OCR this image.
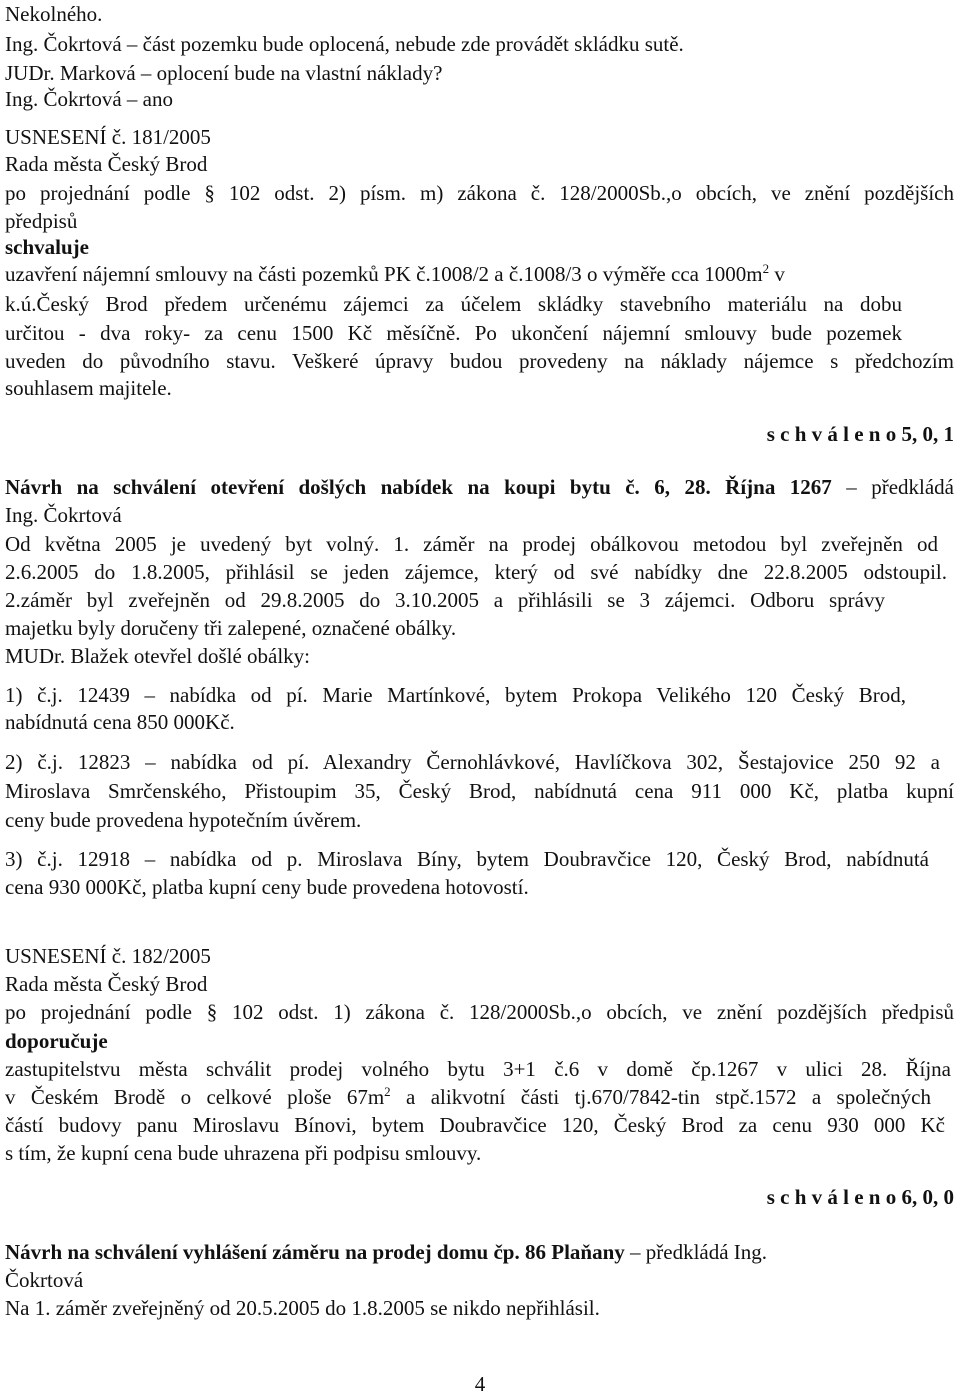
Nekolného.
Ing. Čokrtová – část pozemku bude oplocená, nebude zde provádět skládku sutě.
JUDr. Marková – oplocení bude na vlastní náklady?
Ing. Čokrtová – ano
USNESENÍ č. 181/2005
Rada města Český Brod
po projednání podle § 102 odst. 2) písm. m) zákona č. 128/2000Sb.,o obcích, ve znění pozdějších
předpisů
schvaluje
uzavření nájemní smlouvy na části pozemků PK č.1008/2 a č.1008/3 o výměře cca $1000m^2$ v
k.ú.Český Brod předem určenému zájemci za účelem skládky stavebního materiálu na dobu
určitou - dva roky- za cenu 1500 Kč měsíčně. Po ukončení nájemní smlouvy bude pozemek
uveden do původního stavu. Veškeré úpravy budou provedeny na náklady nájemce s předchozím
souhlasem majitele.
s c h v á l e n o 5, 0, 1
Návrh na schválení otevření došlých nabídek na koupi bytu č. 6, 28. Října 1267 – předkládá
Ing. Čokrtová
Od května 2005 je uvedený byt volný. 1. záměr na prodej obálkovou metodou byl zveřejněn od
2.6.2005 do 1.8.2005, přihlásil se jeden zájemce, který od své nabídky dne 22.8.2005 odstoupil.
2.záměr byl zveřejněn od 29.8.2005 do 3.10.2005 a přihlásili se 3 zájemci. Odboru správy
majetku byly doručeny tři zalepené, označené obálky.
MUDr. Blažek otevřel došlé obálky:
1) č.j. 12439 – nabídka od pí. Marie Martínkové, bytem Prokopa Velikého 120 Český Brod,
nabídnutá cena 850 000Kč.
2) č.j. 12823 – nabídka od pí. Alexandry Černohlávkové, Havlíčkova 302, Šestajovice 250 92 a
Miroslava Smrčenského, Přistoupim 35, Český Brod, nabídnutá cena 911 000 Kč, platba kupní
ceny bude provedena hypotečním úvěrem.
3) č.j. 12918 – nabídka od p. Miroslava Bíny, bytem Doubravčice 120, Český Brod, nabídnutá
cena 930 000Kč, platba kupní ceny bude provedena hotovostí.
USNESENÍ č. 182/2005
Rada města Český Brod
po projednání podle § 102 odst. 1) zákona č. 128/2000Sb.,o obcích, ve znění pozdějších předpisů
doporučuje
zastupitelstvu města schválit prodej volného bytu 3+1 č.6 v domě čp.1267 v ulici 28. Října
v Českém Brodě o celkové ploše $67m^2$ a alikvotní části tj.670/7842-tin stpč.1572 a společných
částí budovy panu Miroslavu Bínovi, bytem Doubravčice 120, Český Brod za cenu 930 000 Kč
s tím, že kupní cena bude uhrazena při podpisu smlouvy.
s c h v á l e n o 6, 0, 0
Návrh na schválení vyhlášení záměru na prodej domu čp. 86 Plaňany – předkládá Ing.
Čokrtová
Na 1. záměr zveřejněný od 20.5.2005 do 1.8.2005 se nikdo nepřihlásil.
4
